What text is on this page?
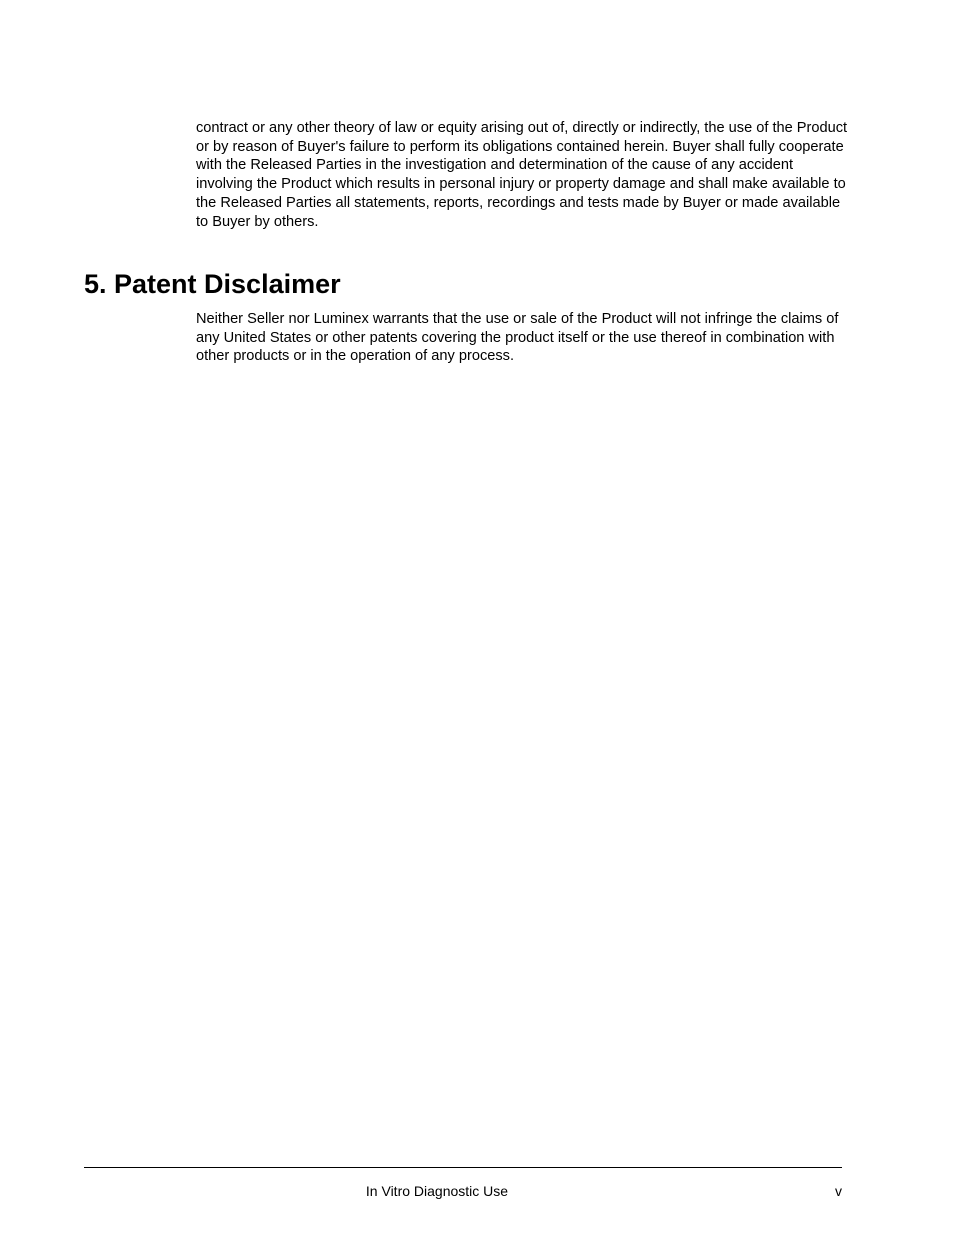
contract or any other theory of law or equity arising out of, directly or indirectly, the use of the Product or by reason of Buyer's failure to perform its obligations contained herein. Buyer shall fully cooperate with the Released Parties in the investigation and determination of the cause of any accident involving the Product which results in personal injury or property damage and shall make available to the Released Parties all statements, reports, recordings and tests made by Buyer or made available to Buyer by others.

5. Patent Disclaimer

Neither Seller nor Luminex warrants that the use or sale of the Product will not infringe the claims of any United States or other patents covering the product itself or the use thereof in combination with other products or in the operation of any process.

In Vitro Diagnostic Use	v
